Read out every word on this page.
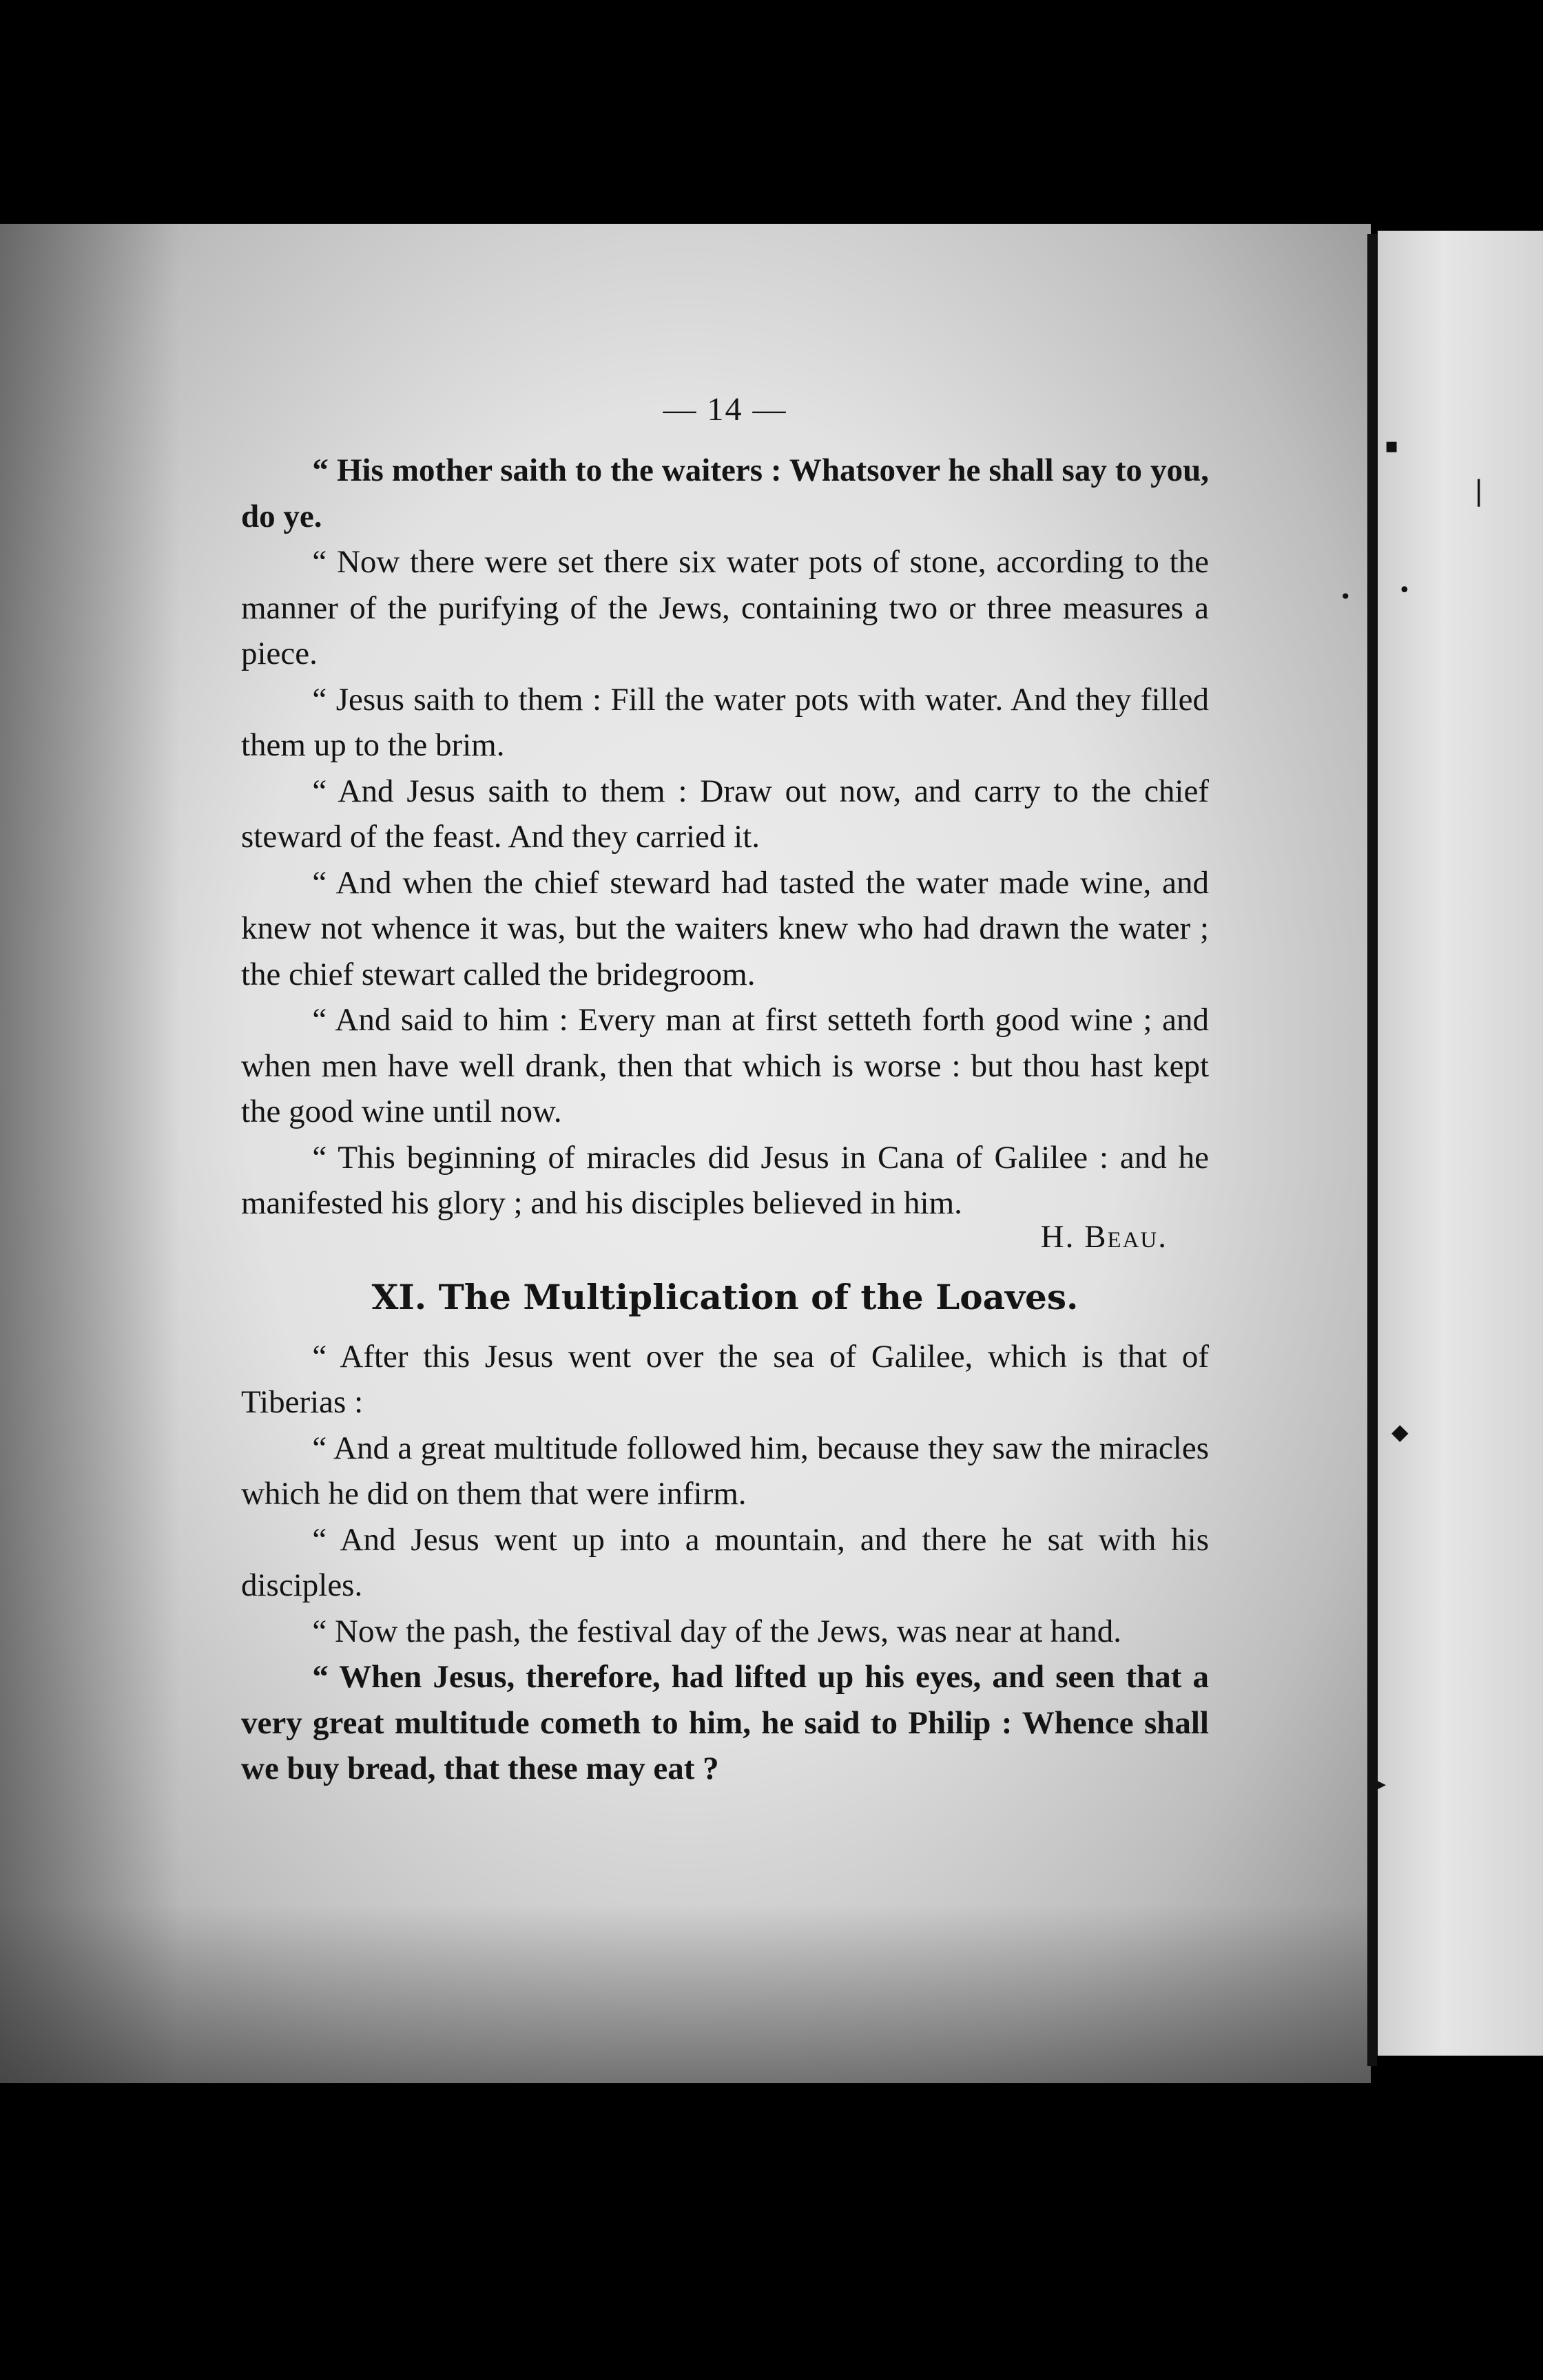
▪
•
•
◆
▸
|
— 14 —

“ His mother saith to the waiters : Whatsover he shall say to you, do ye.

“ Now there were set there six water pots of stone, according to the manner of the purifying of the Jews, containing two or three measures a piece.

“ Jesus saith to them : Fill the water pots with water. And they filled them up to the brim.

“ And Jesus saith to them : Draw out now, and carry to the chief steward of the feast. And they carried it.

“ And when the chief steward had tasted the water made wine, and knew not whence it was, but the waiters knew who had drawn the water ; the chief stewart called the bridegroom.

“ And said to him : Every man at first setteth forth good wine ; and when men have well drank, then that which is worse : but thou hast kept the good wine until now.

“ This beginning of miracles did Jesus in Cana of Galilee : and he manifested his glory ; and his disciples believed in him.

H. Beau.

XI. The Multiplication of the Loaves.

“ After this Jesus went over the sea of Galilee, which is that of Tiberias :

“ And a great multitude followed him, because they saw the miracles which he did on them that were infirm.

“ And Jesus went up into a mountain, and there he sat with his disciples.

“ Now the pash, the festival day of the Jews, was near at hand.

“ When Jesus, therefore, had lifted up his eyes, and seen that a very great multitude cometh to him, he said to Philip : Whence shall we buy bread, that these may eat ?
